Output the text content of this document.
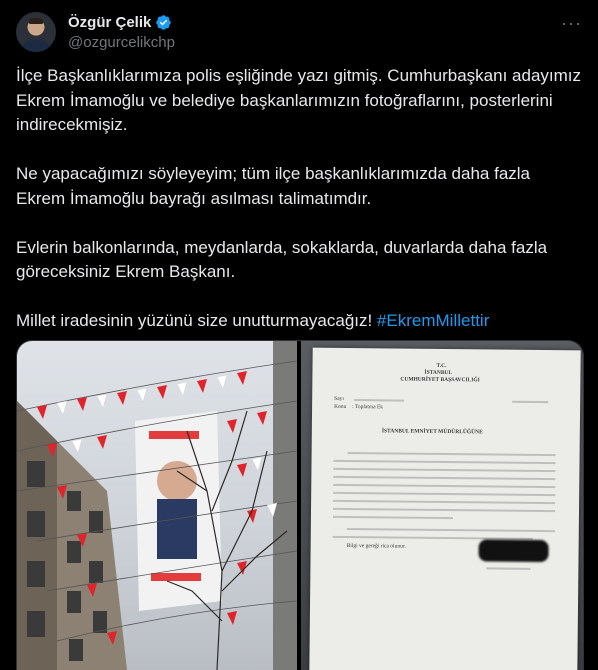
Özgür Çelik
@ozgurcelikchp
···

İlçe Başkanlıklarımıza polis eşliğinde yazı gitmiş. Cumhurbaşkanı adayımız Ekrem İmamoğlu ve belediye başkanlarımızın fotoğraflarını, posterlerini indirecekmişiz.

Ne yapacağımızı söyleyeyim; tüm ilçe başkanlıklarımızda daha fazla Ekrem İmamoğlu bayrağı asılması talimatımdır.

Evlerin balkonlarında, meydanlarda, sokaklarda, duvarlarda daha fazla göreceksiniz Ekrem Başkanı.

Millet iradesinin yüzünü size unutturmayacağız! #EkremMillettir

T.C.
İSTANBUL
CUMHURİYET BAŞSAVCILIĞI
Sayı
Konu : Toplatma Ek
İSTANBUL EMNİYET MÜDÜRLÜĞÜNE
Bilgi ve gereği rica olunur.
